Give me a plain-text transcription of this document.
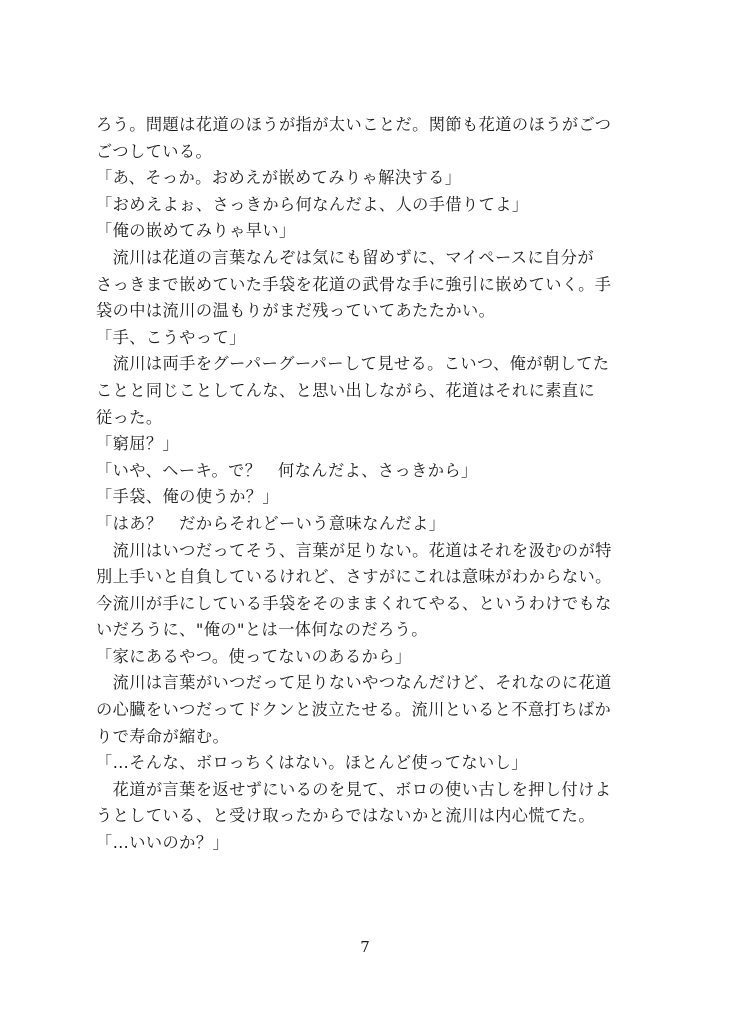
ろう。問題は花道のほうが指が太いことだ。関節も花道のほうがごつ
ごつしている。
「あ、そっか。おめえが嵌めてみりゃ解決する」
「おめえよぉ、さっきから何なんだよ、人の手借りてよ」
「俺の嵌めてみりゃ早い」
　流川は花道の言葉なんぞは気にも留めずに、マイペースに自分が
さっきまで嵌めていた手袋を花道の武骨な手に強引に嵌めていく。手
袋の中は流川の温もりがまだ残っていてあたたかい。
「手、こうやって」
　流川は両手をグーパーグーパーして見せる。こいつ、俺が朝してた
ことと同じことしてんな、と思い出しながら、花道はそれに素直に
従った。
「窮屈？」
「いや、ヘーキ。で？　何なんだよ、さっきから」
「手袋、俺の使うか？」
「はあ？　だからそれどーいう意味なんだよ」
　流川はいつだってそう、言葉が足りない。花道はそれを汲むのが特
別上手いと自負しているけれど、さすがにこれは意味がわからない。
今流川が手にしている手袋をそのままくれてやる、というわけでもな
いだろうに、"俺の"とは一体何なのだろう。
「家にあるやつ。使ってないのあるから」
　流川は言葉がいつだって足りないやつなんだけど、それなのに花道
の心臓をいつだってドクンと波立たせる。流川といると不意打ちばか
りで寿命が縮む。
「…そんな、ボロっちくはない。ほとんど使ってないし」
　花道が言葉を返せずにいるのを見て、ボロの使い古しを押し付けよ
うとしている、と受け取ったからではないかと流川は内心慌てた。
「…いいのか？」
7
